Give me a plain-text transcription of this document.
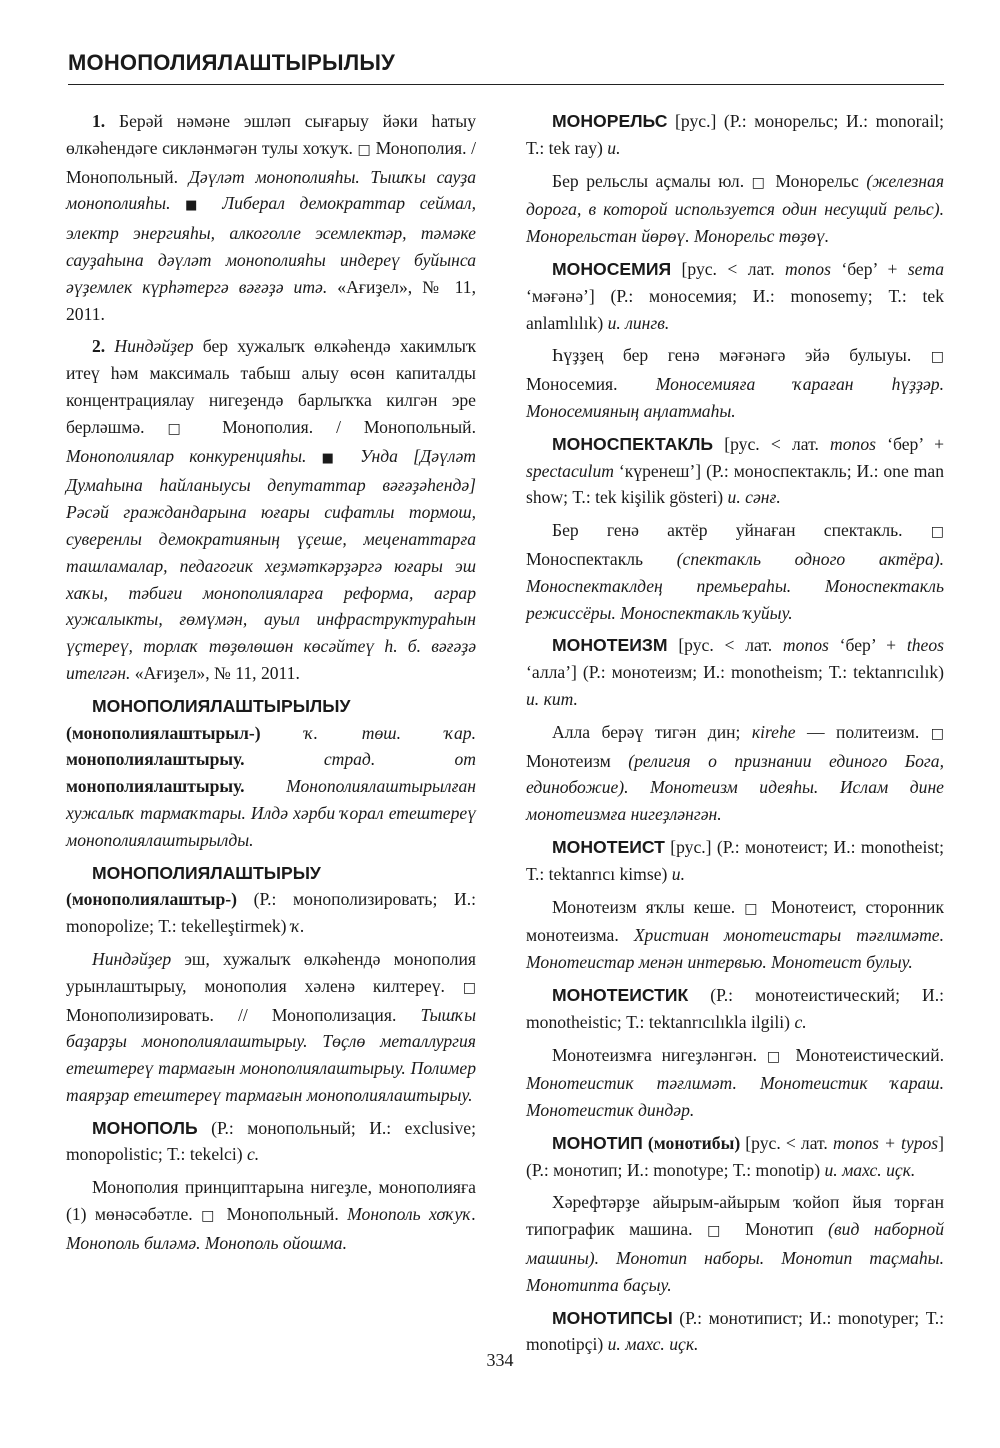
МОНОПОЛИЯЛАШТЫРЫЛЫУ

1. Берәй нәмәне эшләп сығарыу йәки һатыу өлкәһендәге сикләнмәгән тулы хоҡуҡ. □ Монополия. / Монопольный. Дәүләт монополияһы. Тышҡы сауҙа монополияһы. ■ Либерал демократтар сеймал, электр энергияһы, алкоголле эсемлектәр, тәмәке сауҙаһына дәүләт монополияһы индереү буйынса әүҙемлек күрһәтергә вәғәҙә итә. «Ағиҙел», № 11, 2011.

2. Ниндәйҙер бер хужалыҡ өлкәһендә хакимлыҡ итеү һәм максималь табыш алыу өсөн капиталды концентрациялау нигеҙендә барлыҡҡа килгән эре берләшмә. □ Монополия. / Монопольный. Монополиялар конкуренцияһы. ■ Унда [Дәүләт Думаһына һайланыусы депутаттар вәғәҙәһендә] Рәсәй граждандарына юғары сифатлы тормош, суверенлы демократияның үҫеше, меценаттарға ташламалар, педагогик хеҙмәткәрҙәргә юғары эш хаҡы, тәбиғи монополияларға реформа, аграр хужалыкты, ғөмүмән, ауыл инфраструктураһын үҫтереү, торлаҡ төҙөлөшөн көсәйтеү һ. б. вәғәҙә ителгән. «Ағиҙел», № 11, 2011.

МОНОПОЛИЯЛАШТЫРЫЛЫУ (монополиялаштырыл-) ҡ. төш. ҡар. монополиялаштырыу. страд. от монополиялаштырыу. Монополиялаштырылған хужалыҡ тармаҡтары. Илдә хәрби ҡорал етештереү монополиялаштырылды.

МОНОПОЛИЯЛАШТЫРЫУ (монополиялаштыр-) (Р.: монополизировать; И.: monopolize; Т.: tekelleştirmek) ҡ.

Ниндәйҙер эш, хужалыҡ өлкәһендә монополия урынлаштырыу, монополия хәленә килтереү. □ Монополизировать. // Монополизация. Тышҡы баҙарҙы монополиялаштырыу. Төҫлө металлургия етештереү тармағын монополиялаштырыу. Полимер таярҙар етештереү тармағын монополиялаштырыу.

МОНОПОЛЬ (Р.: монопольный; И.: exclusive; monopolistic; Т.: tekelci) с.

Монополия принциптарына нигеҙле, монополияға (1) мөнәсәбәтле. □ Монопольный. Монополь хоҡуҡ. Монополь биләмә. Монополь ойошма.

МОНОРЕЛЬС [рус.] (Р.: монорельс; И.: monorail; Т.: tek ray) и.

Бер рельслы аҫмалы юл. □ Монорельс (железная дорога, в которой используется один несущий рельс). Монорельстан йөрөү. Монорельс төҙөү.

МОНОСЕМИЯ [рус. < лат. monos ‘бер’ + sema ‘мәғәнә’] (Р.: моносемия; И.: monosemy; Т.: tek anlamlılık) и. лингв.

Һүҙҙең бер генә мәғәнәгә эйә булыуы. □ Моносемия. Моносемияға ҡараған һүҙҙәр. Моносемияның аңлатмаһы.

МОНОСПЕКТАКЛЬ [рус. < лат. monos ‘бер’ + spectaculum ‘күренеш’] (Р.: моноспектакль; И.: one man show; Т.: tek kişilik gösteri) и. сәнғ.

Бер генә актёр уйнаған спектакль. □ Моноспектакль (спектакль одного актёра). Моноспектаклдең премьераһы. Моноспектакль режиссёры. Моноспектакль ҡуйыу.

МОНОТЕИЗМ [рус. < лат. monos ‘бер’ + theos ‘алла’] (Р.: монотеизм; И.: monotheism; Т.: tektanrıcılık) и. кит.

Алла берәү тигән дин; кireһe — политеизм. □ Монотеизм (религия о признании единого Бога, единобожие). Монотеизм идеяһы. Ислам дине монотеизмға нигеҙләнгән.

МОНОТЕИСТ [рус.] (Р.: монотеист; И.: monotheist; Т.: tektanrıcı kimse) и.

Монотеизм яҡлы кеше. □ Монотеист, сторонник монотеизма. Христиан монотеистары тәғлимәте. Монотеистар менән интервью. Монотеист булыу.

МОНОТЕИСТИК (Р.: монотеистический; И.: monotheistic; Т.: tektanrıcılıkla ilgili) с.

Монотеизмға нигеҙләнгән. □ Монотеистический. Монотеистик тәғлимәт. Монотеистик ҡараш. Монотеистик диндәр.

МОНОТИП (монотибы) [рус. < лат. monos + typos] (Р.: монотип; И.: monotype; Т.: monotip) и. махс. иҫк.

Хәрефтәрҙе айырым-айырым ҡойоп йыя торған типографик машина. □ Монотип (вид наборной машины). Монотип наборы. Монотип таҫмаһы. Монотипта баҫыу.

МОНОТИПСЫ (Р.: монотипист; И.: monotyper; Т.: monotipçi) и. махс. иҫк.

334
